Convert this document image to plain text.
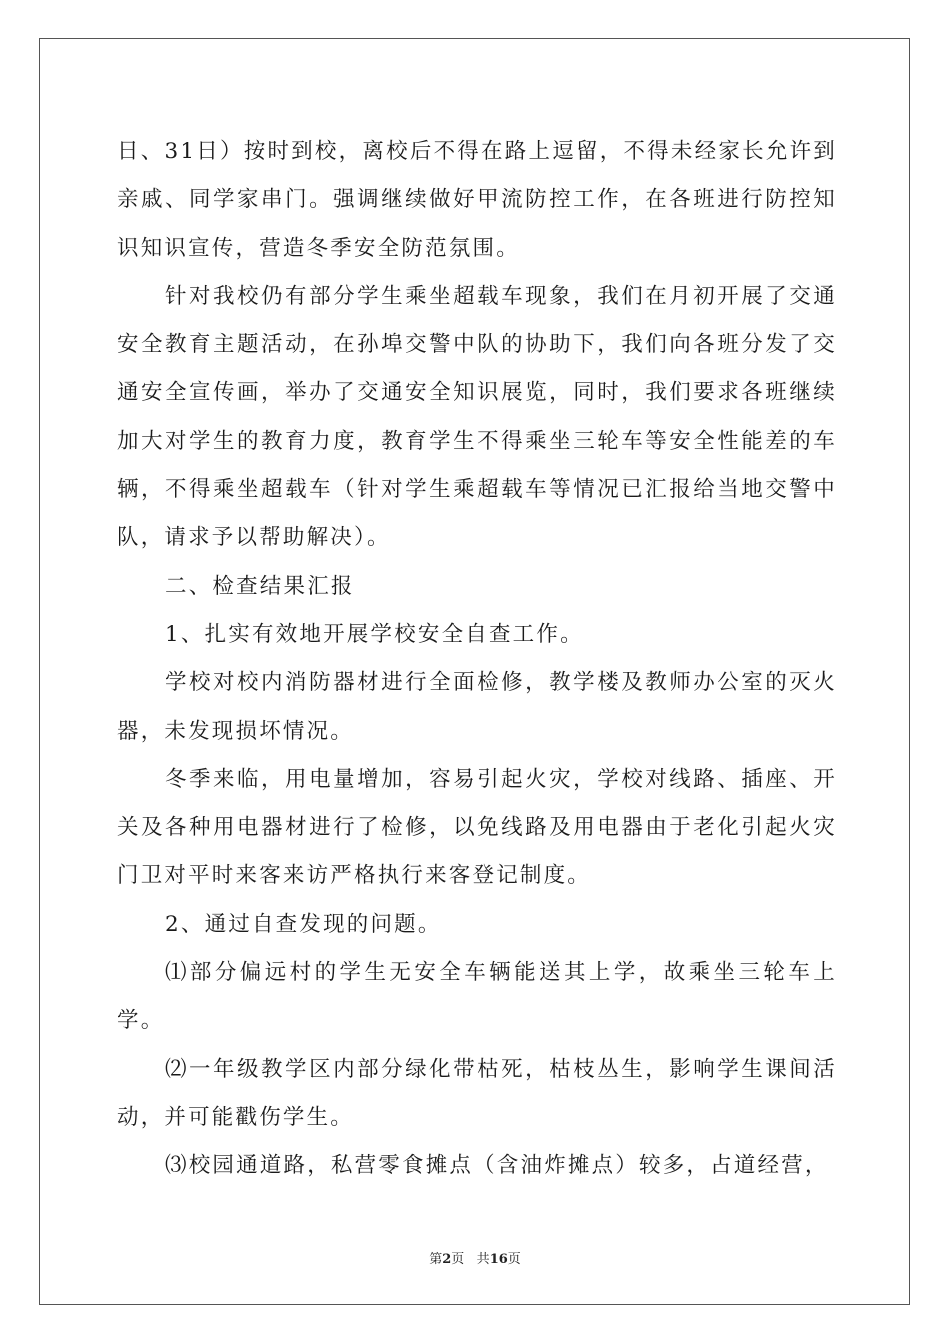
日、31日）按时到校，离校后不得在路上逗留，不得未经家长允许到亲戚、同学家串门。强调继续做好甲流防控工作，在各班进行防控知识知识宣传，营造冬季安全防范氛围。

针对我校仍有部分学生乘坐超载车现象，我们在月初开展了交通安全教育主题活动，在孙埠交警中队的协助下，我们向各班分发了交通安全宣传画，举办了交通安全知识展览，同时，我们要求各班继续加大对学生的教育力度，教育学生不得乘坐三轮车等安全性能差的车辆，不得乘坐超载车（针对学生乘超载车等情况已汇报给当地交警中队，请求予以帮助解决）。

二、检查结果汇报

1、扎实有效地开展学校安全自查工作。

学校对校内消防器材进行全面检修，教学楼及教师办公室的灭火器，未发现损坏情况。

冬季来临，用电量增加，容易引起火灾，学校对线路、插座、开关及各种用电器材进行了检修，以免线路及用电器由于老化引起火灾门卫对平时来客来访严格执行来客登记制度。

2、通过自查发现的问题。

⑴部分偏远村的学生无安全车辆能送其上学，故乘坐三轮车上学。

⑵一年级教学区内部分绿化带枯死，枯枝丛生，影响学生课间活动，并可能戳伤学生。

⑶校园通道路，私营零食摊点（含油炸摊点）较多，占道经营，

第2页 共16页
